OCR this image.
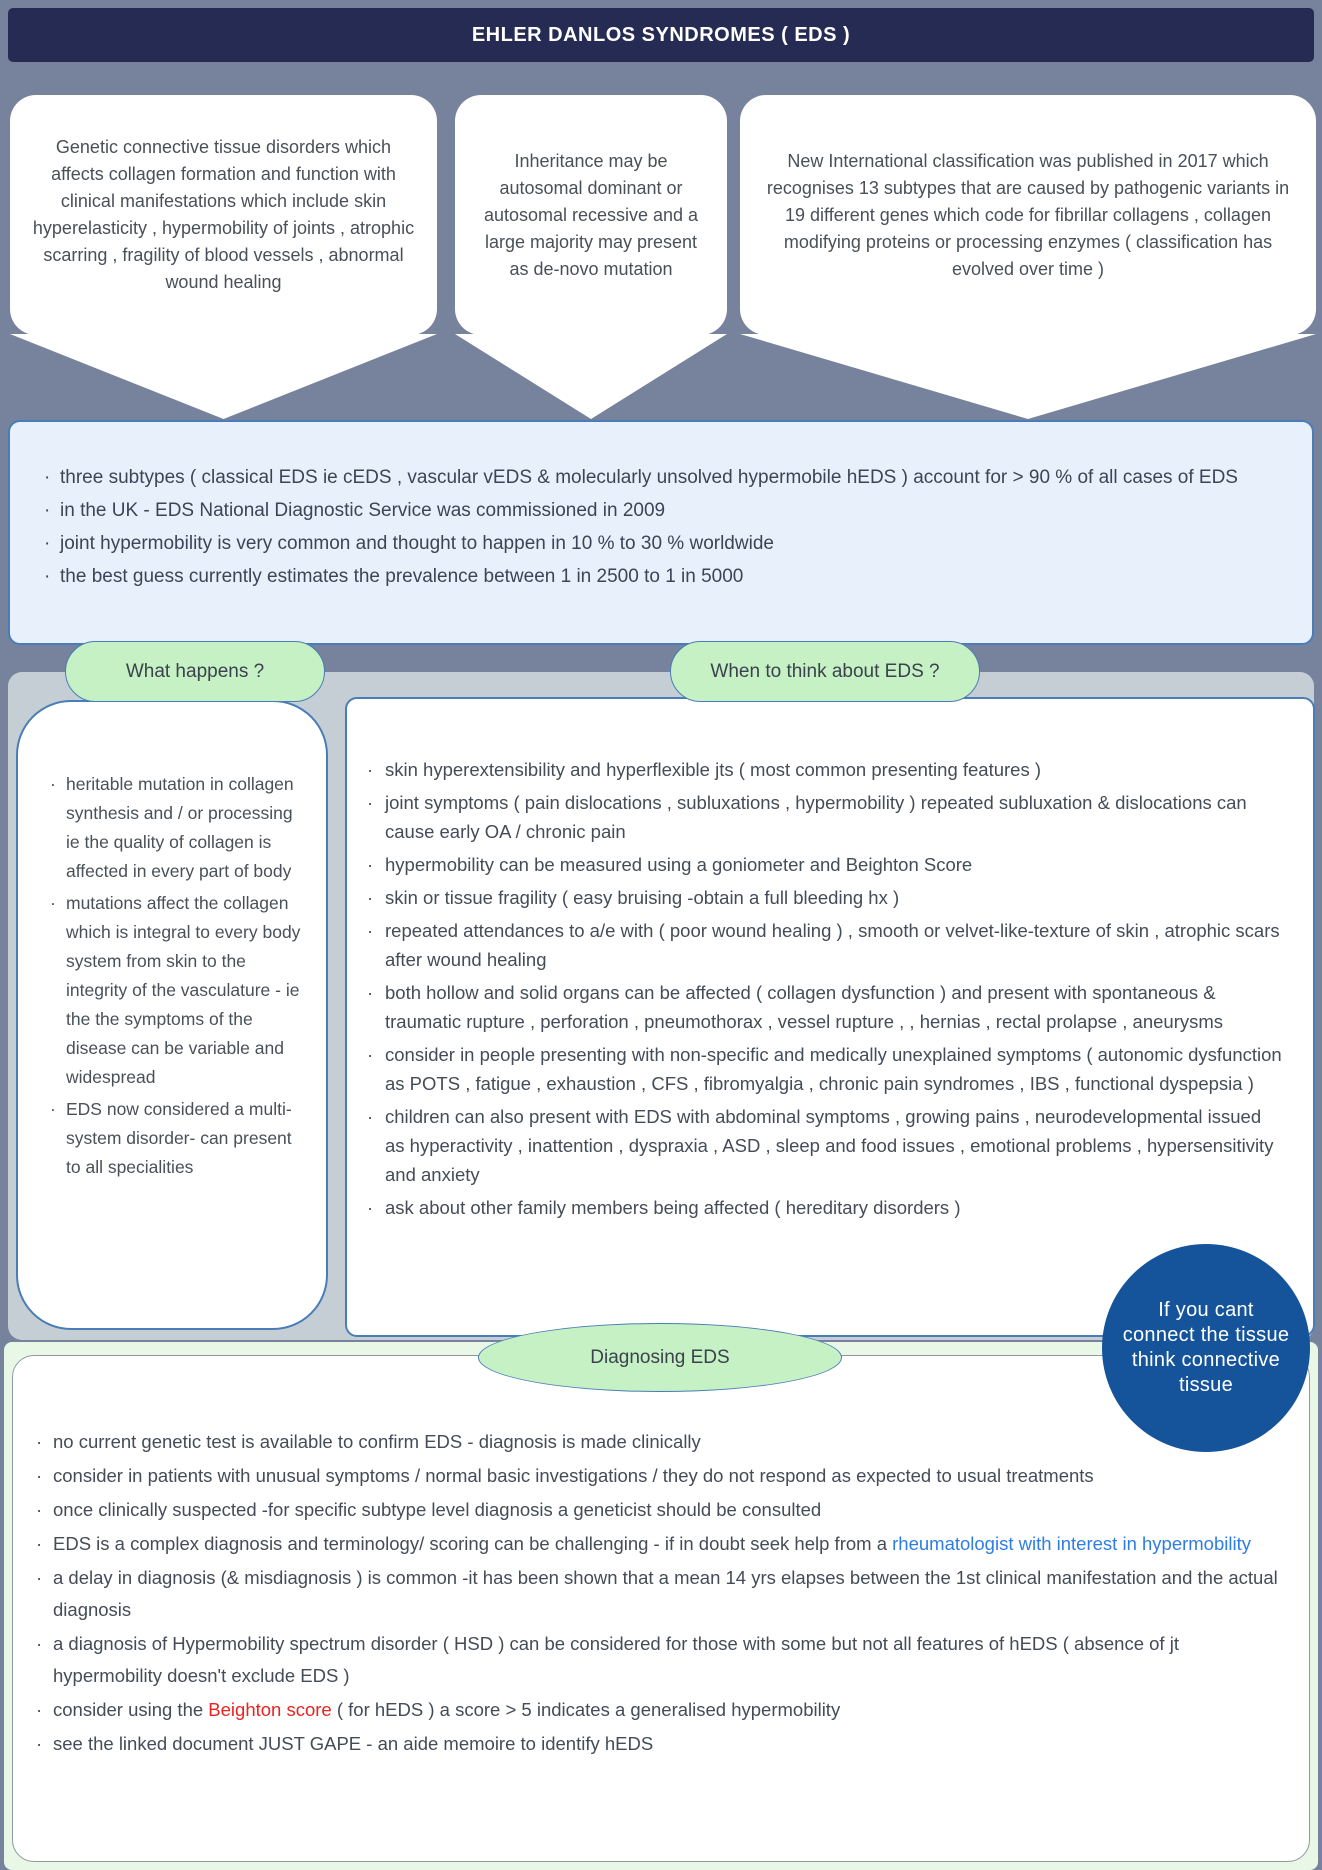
EHLER DANLOS SYNDROMES ( EDS )

Genetic connective tissue disorders which affects collagen formation and function with clinical manifestations which include skin hyperelasticity , hypermobility of joints , atrophic scarring , fragility of blood vessels , abnormal wound healing

Inheritance may be autosomal dominant or autosomal recessive and a large majority may present as de-novo mutation

New International classification was published in 2017 which recognises 13 subtypes that are caused by pathogenic variants in 19 different genes which code for fibrillar collagens , collagen modifying proteins or processing enzymes ( classification has evolved over time )

· three subtypes ( classical EDS ie cEDS , vascular vEDS & molecularly unsolved hypermobile hEDS ) account for > 90 % of all cases of EDS
· in the UK - EDS National Diagnostic Service was commissioned in 2009
· joint hypermobility is very common and thought to happen in 10 % to 30 % worldwide
· the best guess currently estimates the prevalence between 1 in 2500 to 1 in 5000
What happens ?	When to think about EDS ?
· heritable mutation in collagen synthesis and / or processing ie the quality of collagen is affected in every part of body
· mutations affect the collagen which is integral to every body system from skin to the integrity of the vasculature - ie the the symptoms of the disease can be variable and widespread
· EDS now considered a multi-system disorder- can present to all specialities
· skin hyperextensibility and hyperflexible jts ( most common presenting features )
· joint symptoms ( pain dislocations , subluxations , hypermobility ) repeated subluxation & dislocations can cause early OA / chronic pain
· hypermobility can be measured using a goniometer and Beighton Score
· skin or tissue fragility ( easy bruising -obtain a full bleeding hx )
· repeated attendances to a/e with ( poor wound healing ) , smooth or velvet-like-texture of skin , atrophic scars after wound healing
· both hollow and solid organs can be affected ( collagen dysfunction ) and present with spontaneous & traumatic rupture , perforation , pneumothorax , vessel rupture , , hernias , rectal prolapse , aneurysms
· consider in people presenting with non-specific and medically unexplained symptoms ( autonomic dysfunction as POTS , fatigue , exhaustion , CFS , fibromyalgia , chronic pain syndromes , IBS , functional dyspepsia )
· children can also present with EDS with abdominal symptoms , growing pains , neurodevelopmental issued as hyperactivity , inattention , dyspraxia , ASD , sleep and food issues , emotional problems , hypersensitivity and anxiety
· ask about other family members being affected ( hereditary disorders )
Diagnosing EDS
· no current genetic test is available to confirm EDS - diagnosis is made clinically
· consider in patients with unusual symptoms / normal basic investigations / they do not respond as expected to usual treatments
· once clinically suspected -for specific subtype level diagnosis a geneticist should be consulted
· EDS is a complex diagnosis and terminology/ scoring can be challenging - if in doubt seek help from a rheumatologist with interest in hypermobility
· a delay in diagnosis (& misdiagnosis ) is common -it has been shown that a mean 14 yrs elapses between the 1st clinical manifestation and the actual diagnosis
· a diagnosis of Hypermobility spectrum disorder ( HSD ) can be considered for those with some but not all features of hEDS ( absence of jt hypermobility doesn't exclude EDS )
· consider using the Beighton score ( for hEDS ) a score > 5 indicates a generalised hypermobility
· see the linked document JUST GAPE - an aide memoire to identify hEDS
If you cant connect the tissue think connective tissue
